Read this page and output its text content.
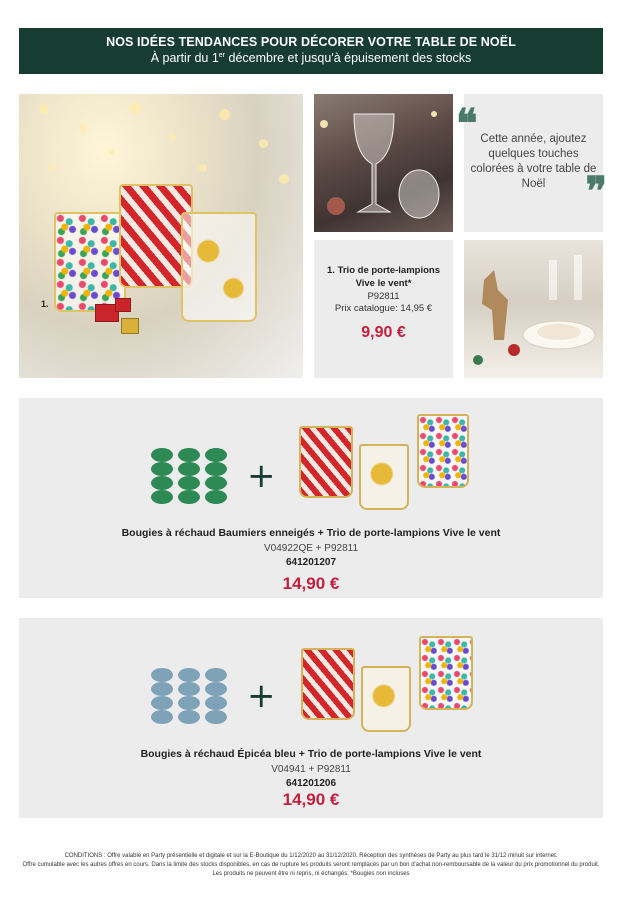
NOS IDÉES TENDANCES POUR DÉCORER VOTRE TABLE DE NOËL
À partir du 1er décembre et jusqu'à épuisement des stocks
1.
❝ Cette année, ajoutez quelques touches colorées à votre table de Noël	❞
1. Trio de porte-lampions Vive le vent*
P92811
Prix catalogue: 14,95 €
9,90 €
+
Bougies à réchaud Baumiers enneigés + Trio de porte-lampions Vive le vent
V04922QE + P92811
641201207
14,90 €
+
Bougies à réchaud Épicéa bleu + Trio de porte-lampions Vive le vent
V04941 + P92811
641201206
14,90 €
CONDITIONS : Offre valable en Party présentielle et digitale et sur la E-Boutique du 1/12/2020 au 31/12/2020. Réception des synthèses de Party au plus tard le 31/12 minuit sur internet.
Offre cumulable avec les autres offres en cours. Dans la limite des stocks disponibles, en cas de rupture les produits seront remplacés par un bon d'achat non-remboursable de la valeur du prix promotionnel du produit.
Les produits ne peuvent être ni repris, ni échangés. *Bougies non incluses
